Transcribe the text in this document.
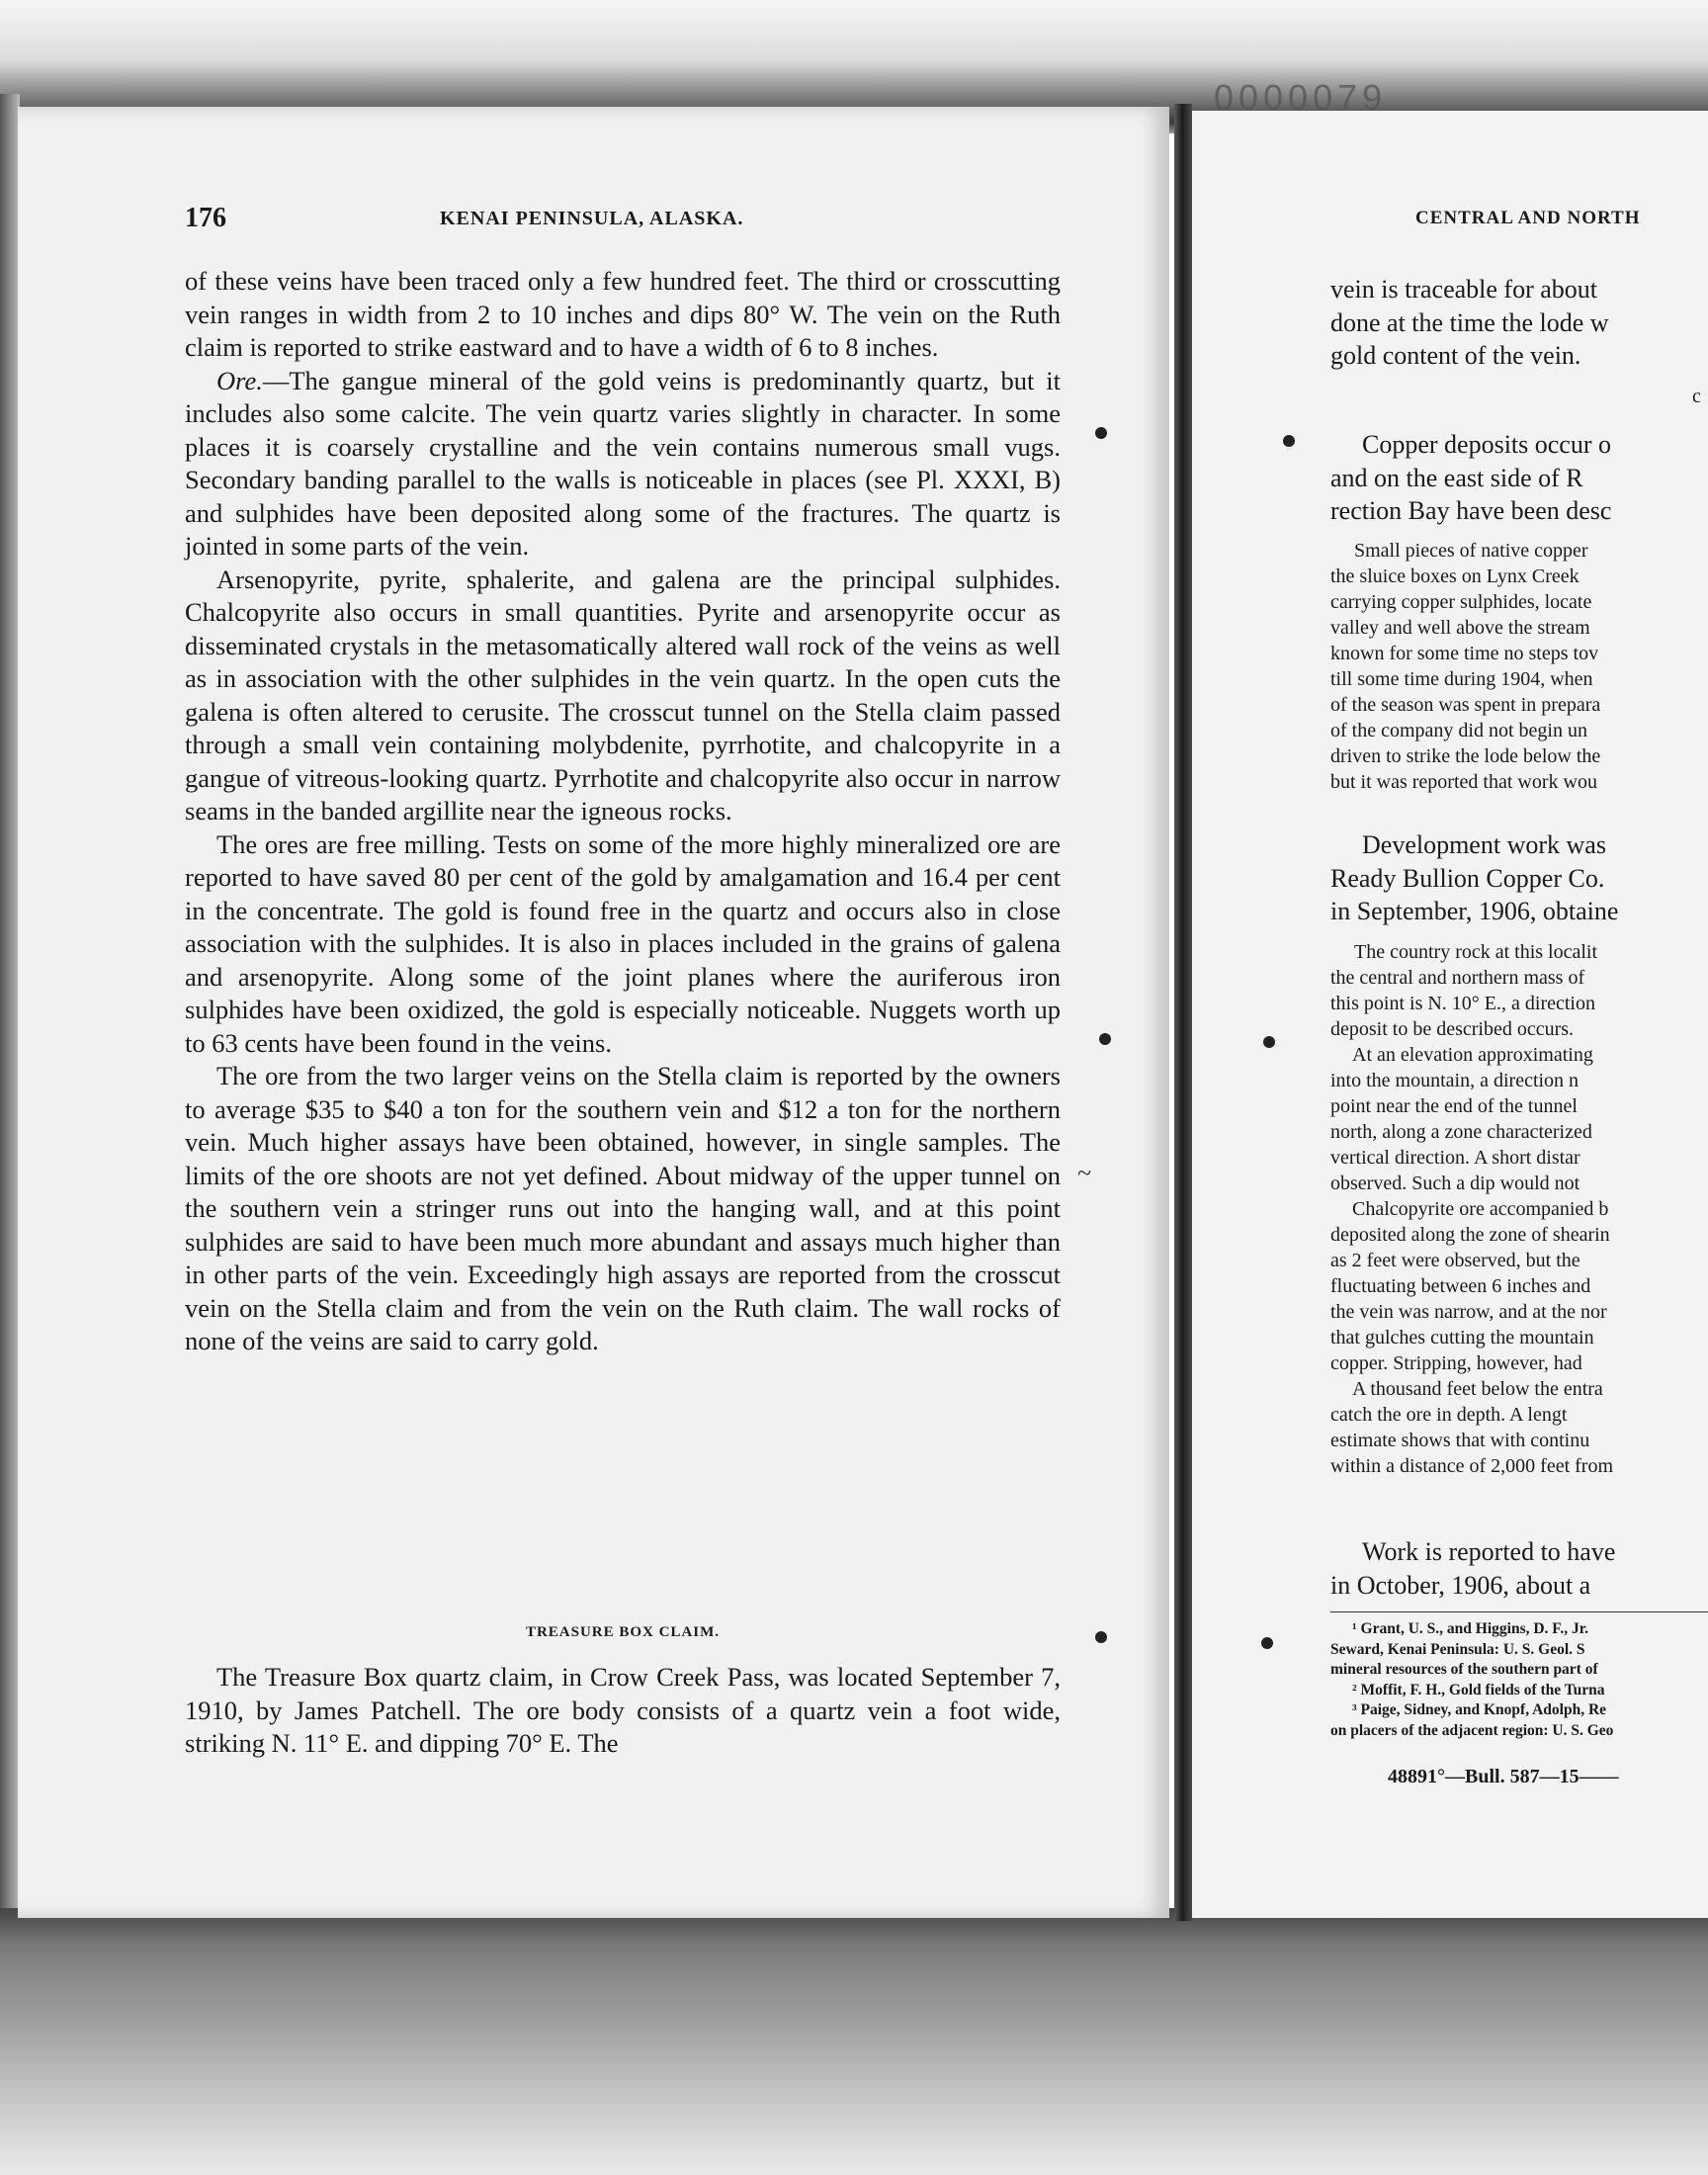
0000079
176	KENAI PENINSULA, ALASKA.

of these veins have been traced only a few hundred feet. The third or crosscutting vein ranges in width from 2 to 10 inches and dips 80° W. The vein on the Ruth claim is reported to strike eastward and to have a width of 6 to 8 inches.

Ore.—The gangue mineral of the gold veins is predominantly quartz, but it includes also some calcite. The vein quartz varies slightly in character. In some places it is coarsely crystalline and the vein contains numerous small vugs. Secondary banding parallel to the walls is noticeable in places (see Pl. XXXI, B) and sulphides have been deposited along some of the fractures. The quartz is jointed in some parts of the vein.

Arsenopyrite, pyrite, sphalerite, and galena are the principal sulphides. Chalcopyrite also occurs in small quantities. Pyrite and arsenopyrite occur as disseminated crystals in the metasomatically altered wall rock of the veins as well as in association with the other sulphides in the vein quartz. In the open cuts the galena is often altered to cerusite. The crosscut tunnel on the Stella claim passed through a small vein containing molybdenite, pyrrhotite, and chalcopyrite in a gangue of vitreous-looking quartz. Pyrrhotite and chalcopyrite also occur in narrow seams in the banded argillite near the igneous rocks.

The ores are free milling. Tests on some of the more highly mineralized ore are reported to have saved 80 per cent of the gold by amalgamation and 16.4 per cent in the concentrate. The gold is found free in the quartz and occurs also in close association with the sulphides. It is also in places included in the grains of galena and arsenopyrite. Along some of the joint planes where the auriferous iron sulphides have been oxidized, the gold is especially noticeable. Nuggets worth up to 63 cents have been found in the veins.

The ore from the two larger veins on the Stella claim is reported by the owners to average $35 to $40 a ton for the southern vein and $12 a ton for the northern vein. Much higher assays have been obtained, however, in single samples. The limits of the ore shoots are not yet defined. About midway of the upper tunnel on the southern vein a stringer runs out into the hanging wall, and at this point sulphides are said to have been much more abundant and assays much higher than in other parts of the vein. Exceedingly high assays are reported from the crosscut vein on the Stella claim and from the vein on the Ruth claim. The wall rocks of none of the veins are said to carry gold.

TREASURE BOX CLAIM.
The Treasure Box quartz claim, in Crow Creek Pass, was located September 7, 1910, by James Patchell. The ore body consists of a quartz vein a foot wide, striking N. 11° E. and dipping 70° E. The
~
CENTRAL AND NORTH
vein is traceable for about
done at the time the lode w
gold content of the vein.
c
Copper deposits occur o
and on the east side of R
rection Bay have been desc
Small pieces of native copper
the sluice boxes on Lynx Creek
carrying copper sulphides, locate
valley and well above the stream
known for some time no steps tov
till some time during 1904, when
of the season was spent in prepara
of the company did not begin un
driven to strike the lode below the
but it was reported that work wou
Development work was
Ready Bullion Copper Co.
in September, 1906, obtaine
The country rock at this localit
the central and northern mass of
this point is N. 10° E., a direction
deposit to be described occurs.
At an elevation approximating
into the mountain, a direction n
point near the end of the tunnel
north, along a zone characterized
vertical direction. A short distar
observed. Such a dip would not
Chalcopyrite ore accompanied b
deposited along the zone of shearin
as 2 feet were observed, but the
fluctuating between 6 inches and
the vein was narrow, and at the nor
that gulches cutting the mountain
copper. Stripping, however, had
A thousand feet below the entra
catch the ore in depth. A lengt
estimate shows that with continu
within a distance of 2,000 feet from
Work is reported to have
in October, 1906, about a
¹ Grant, U. S., and Higgins, D. F., Jr.
Seward, Kenai Peninsula: U. S. Geol. S
mineral resources of the southern part of
² Moffit, F. H., Gold fields of the Turna
³ Paige, Sidney, and Knopf, Adolph, Re
on placers of the adjacent region: U. S. Geo
48891°—Bull. 587—15——
